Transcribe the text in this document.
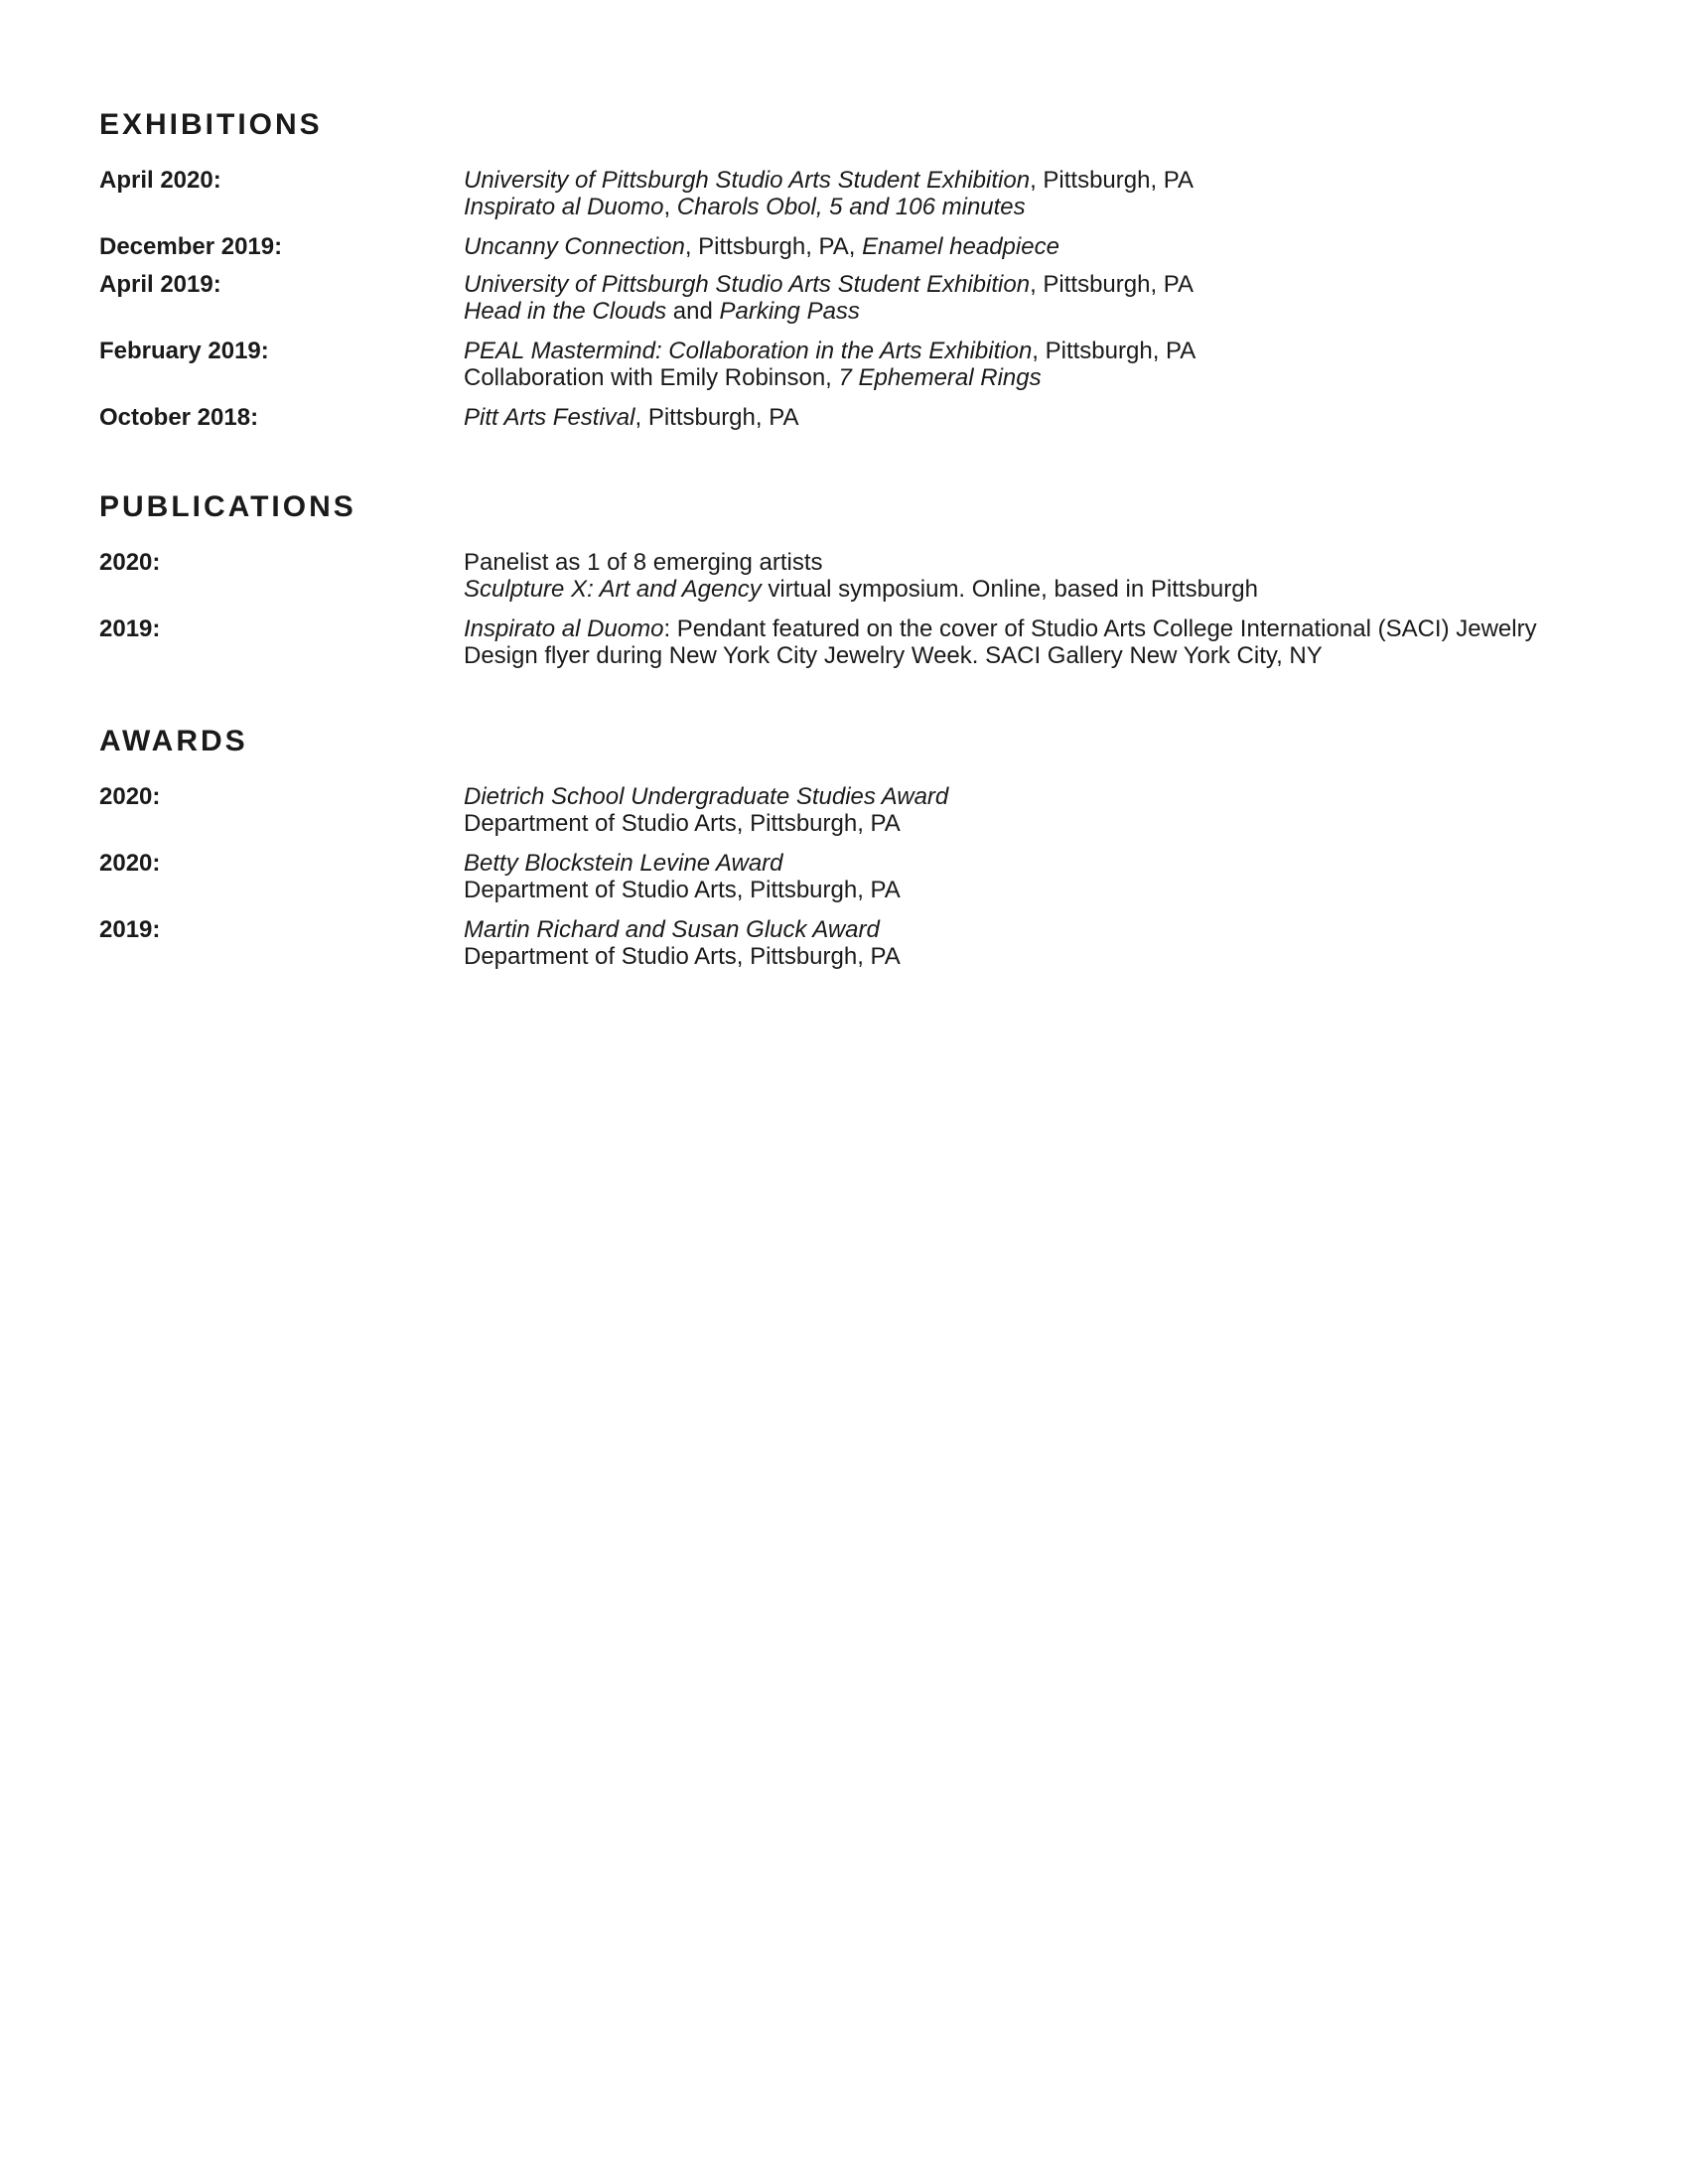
EXHIBITIONS
April 2020:	University of Pittsburgh Studio Arts Student Exhibition, Pittsburgh, PA
Inspirato al Duomo, Charols Obol, 5 and 106 minutes
December 2019:	Uncanny Connection, Pittsburgh, PA, Enamel headpiece
April 2019:	University of Pittsburgh Studio Arts Student Exhibition, Pittsburgh, PA
Head in the Clouds and Parking Pass
February 2019:	PEAL Mastermind: Collaboration in the Arts Exhibition, Pittsburgh, PA
Collaboration with Emily Robinson, 7 Ephemeral Rings
October 2018:	Pitt Arts Festival, Pittsburgh, PA
PUBLICATIONS
2020:	Panelist as 1 of 8 emerging artists
Sculpture X: Art and Agency virtual symposium. Online, based in Pittsburgh
2019:	Inspirato al Duomo: Pendant featured on the cover of Studio Arts College International (SACI) Jewelry
Design flyer during New York City Jewelry Week. SACI Gallery New York City, NY
AWARDS
2020:	Dietrich School Undergraduate Studies Award
Department of Studio Arts, Pittsburgh, PA
2020:	Betty Blockstein Levine Award
Department of Studio Arts, Pittsburgh, PA
2019:	Martin Richard and Susan Gluck Award
Department of Studio Arts, Pittsburgh, PA
